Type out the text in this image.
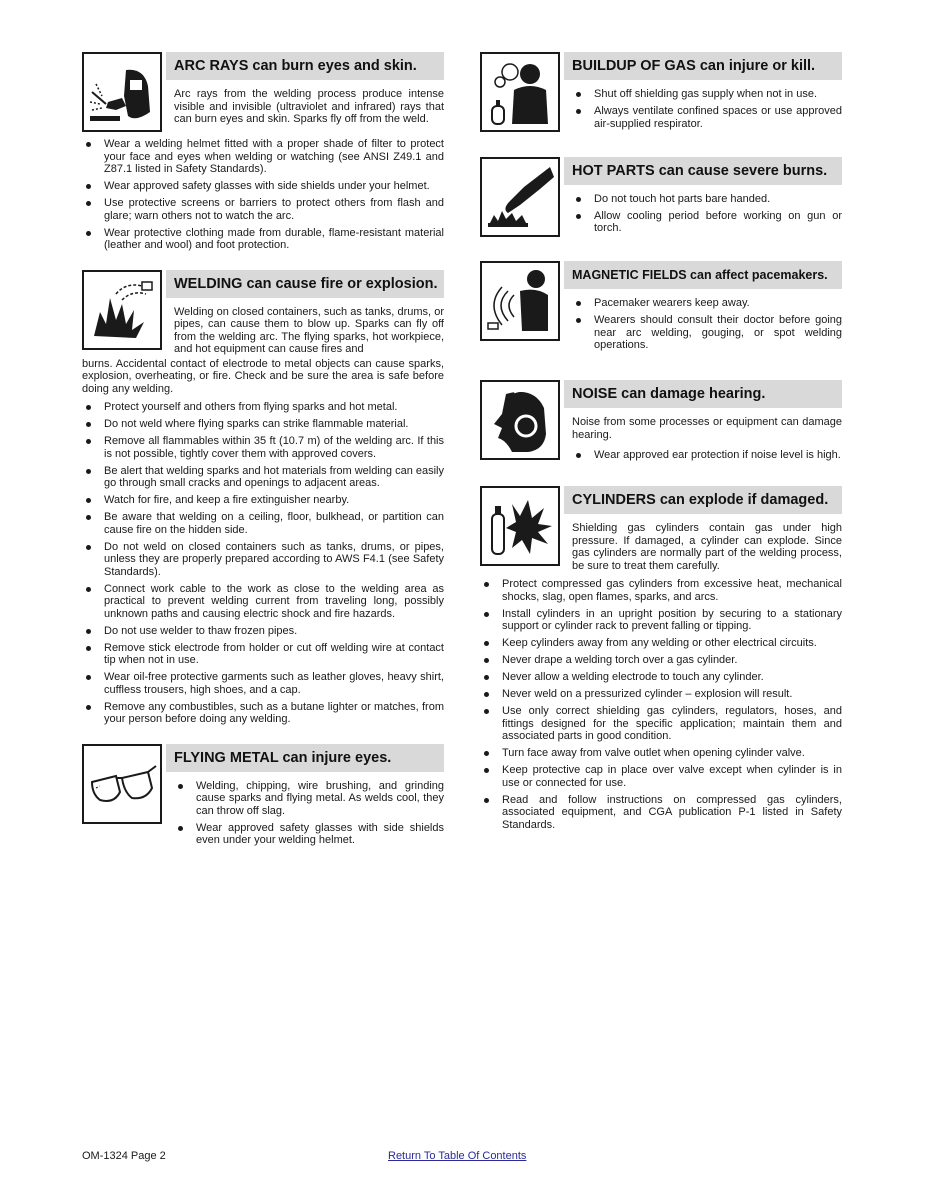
ARC RAYS can burn eyes and skin.
Arc rays from the welding process produce intense visible and invisible (ultraviolet and infrared) rays that can burn eyes and skin. Sparks fly off from the weld.
Wear a welding helmet fitted with a proper shade of filter to protect your face and eyes when welding or watching (see ANSI Z49.1 and Z87.1 listed in Safety Standards).
Wear approved safety glasses with side shields under your helmet.
Use protective screens or barriers to protect others from flash and glare; warn others not to watch the arc.
Wear protective clothing made from durable, flame-resistant material (leather and wool) and foot protection.
WELDING can cause fire or explosion.
Welding on closed containers, such as tanks, drums, or pipes, can cause them to blow up. Sparks can fly off from the welding arc. The flying sparks, hot workpiece, and hot equipment can cause fires and
burns. Accidental contact of electrode to metal objects can cause sparks, explosion, overheating, or fire. Check and be sure the area is safe before doing any welding.
Protect yourself and others from flying sparks and hot metal.
Do not weld where flying sparks can strike flammable material.
Remove all flammables within 35 ft (10.7 m) of the welding arc. If this is not possible, tightly cover them with approved covers.
Be alert that welding sparks and hot materials from welding can easily go through small cracks and openings to adjacent areas.
Watch for fire, and keep a fire extinguisher nearby.
Be aware that welding on a ceiling, floor, bulkhead, or partition can cause fire on the hidden side.
Do not weld on closed containers such as tanks, drums, or pipes, unless they are properly prepared according to AWS F4.1 (see Safety Standards).
Connect work cable to the work as close to the welding area as practical to prevent welding current from traveling long, possibly unknown paths and causing electric shock and fire hazards.
Do not use welder to thaw frozen pipes.
Remove stick electrode from holder or cut off welding wire at contact tip when not in use.
Wear oil-free protective garments such as leather gloves, heavy shirt, cuffless trousers, high shoes, and a cap.
Remove any combustibles, such as a butane lighter or matches, from your person before doing any welding.
FLYING METAL can injure eyes.
Welding, chipping, wire brushing, and grinding cause sparks and flying metal. As welds cool, they can throw off slag.
Wear approved safety glasses with side shields even under your welding helmet.
BUILDUP OF GAS can injure or kill.
Shut off shielding gas supply when not in use.
Always ventilate confined spaces or use approved air-supplied respirator.
HOT PARTS can cause severe burns.
Do not touch hot parts bare handed.
Allow cooling period before working on gun or torch.
MAGNETIC FIELDS can affect pacemakers.
Pacemaker wearers keep away.
Wearers should consult their doctor before going near arc welding, gouging, or spot welding operations.
NOISE can damage hearing.
Noise from some processes or equipment can damage hearing.
Wear approved ear protection if noise level is high.
CYLINDERS can explode if damaged.
Shielding gas cylinders contain gas under high pressure. If damaged, a cylinder can explode. Since gas cylinders are normally part of the welding process, be sure to treat them carefully.
Protect compressed gas cylinders from excessive heat, mechanical shocks, slag, open flames, sparks, and arcs.
Install cylinders in an upright position by securing to a stationary support or cylinder rack to prevent falling or tipping.
Keep cylinders away from any welding or other electrical circuits.
Never drape a welding torch over a gas cylinder.
Never allow a welding electrode to touch any cylinder.
Never weld on a pressurized cylinder – explosion will result.
Use only correct shielding gas cylinders, regulators, hoses, and fittings designed for the specific application; maintain them and associated parts in good condition.
Turn face away from valve outlet when opening cylinder valve.
Keep protective cap in place over valve except when cylinder is in use or connected for use.
Read and follow instructions on compressed gas cylinders, associated equipment, and CGA publication P-1 listed in Safety Standards.
OM-1324 Page 2	Return To Table Of Contents
